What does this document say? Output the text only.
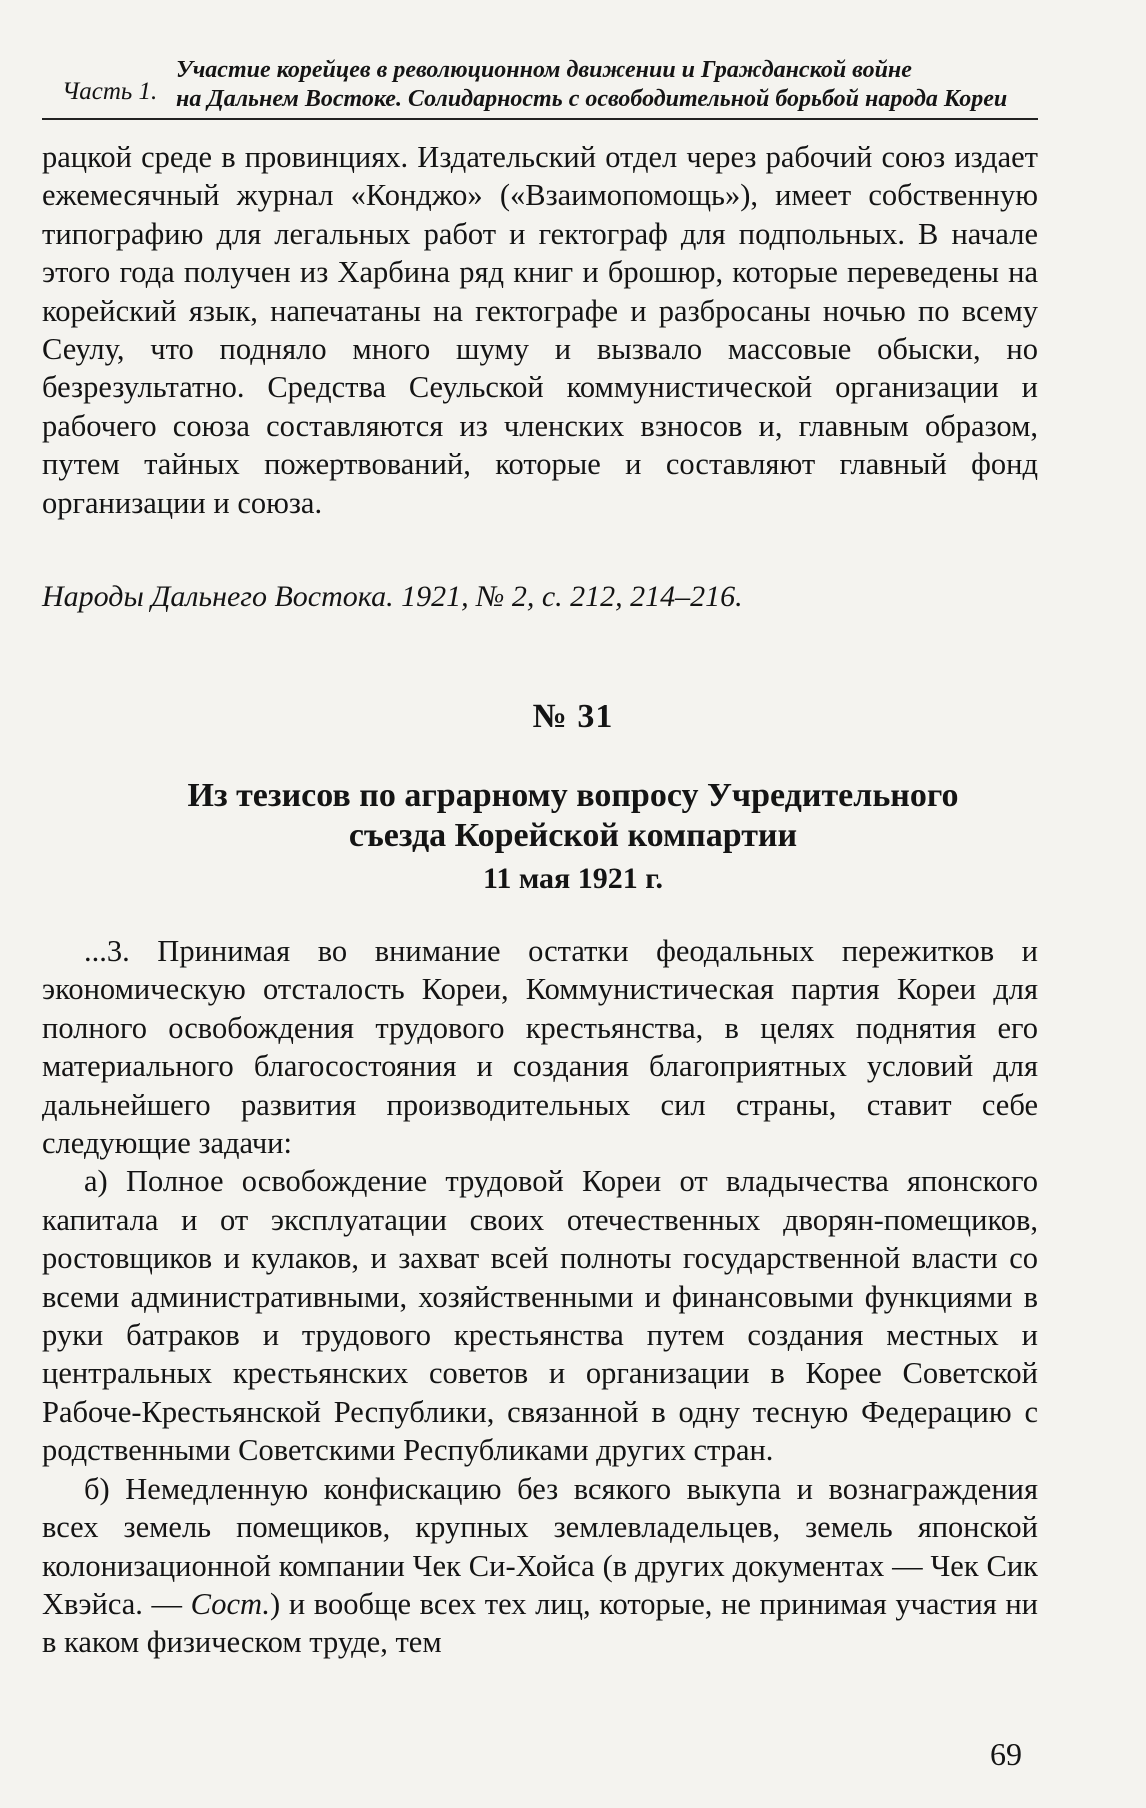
Часть 1.
Участие корейцев в революционном движении и Гражданской войне
на Дальнем Востоке. Солидарность с освободительной борьбой народа Кореи

рацкой среде в провинциях. Издательский отдел через рабочий союз издает ежемесячный журнал «Конджо» («Взаимопомощь»), имеет собственную типографию для легальных работ и гектограф для подпольных. В начале этого года получен из Харбина ряд книг и брошюр, которые переведены на корейский язык, напечатаны на гектографе и разбросаны ночью по всему Сеулу, что подняло много шуму и вызвало массовые обыски, но безрезультатно. Средства Сеульской коммунистической организации и рабочего союза составляются из членских взносов и, главным образом, путем тайных пожертвований, которые и составляют главный фонд организации и союза.

Народы Дальнего Востока. 1921, № 2, с. 212, 214–216.
№ 31
Из тезисов по аграрному вопросу Учредительного
съезда Корейской компартии
11 мая 1921 г.

...3. Принимая во внимание остатки феодальных пережитков и экономическую отсталость Кореи, Коммунистическая партия Кореи для полного освобождения трудового крестьянства, в целях поднятия его материального благосостояния и создания благоприятных условий для дальнейшего развития производительных сил страны, ставит себе следующие задачи:

а) Полное освобождение трудовой Кореи от владычества японского капитала и от эксплуатации своих отечественных дворян-помещиков, ростовщиков и кулаков, и захват всей полноты государственной власти со всеми административными, хозяйственными и финансовыми функциями в руки батраков и трудового крестьянства путем создания местных и центральных крестьянских советов и организации в Корее Советской Рабоче-Крестьянской Республики, связанной в одну тесную Федерацию с родственными Советскими Республиками других стран.

б) Немедленную конфискацию без всякого выкупа и вознаграждения всех земель помещиков, крупных землевладельцев, земель японской колонизационной компании Чек Си-Хойса (в других документах — Чек Сик Хвэйса. — Сост.) и вообще всех тех лиц, которые, не принимая участия ни в каком физическом труде, тем

69
